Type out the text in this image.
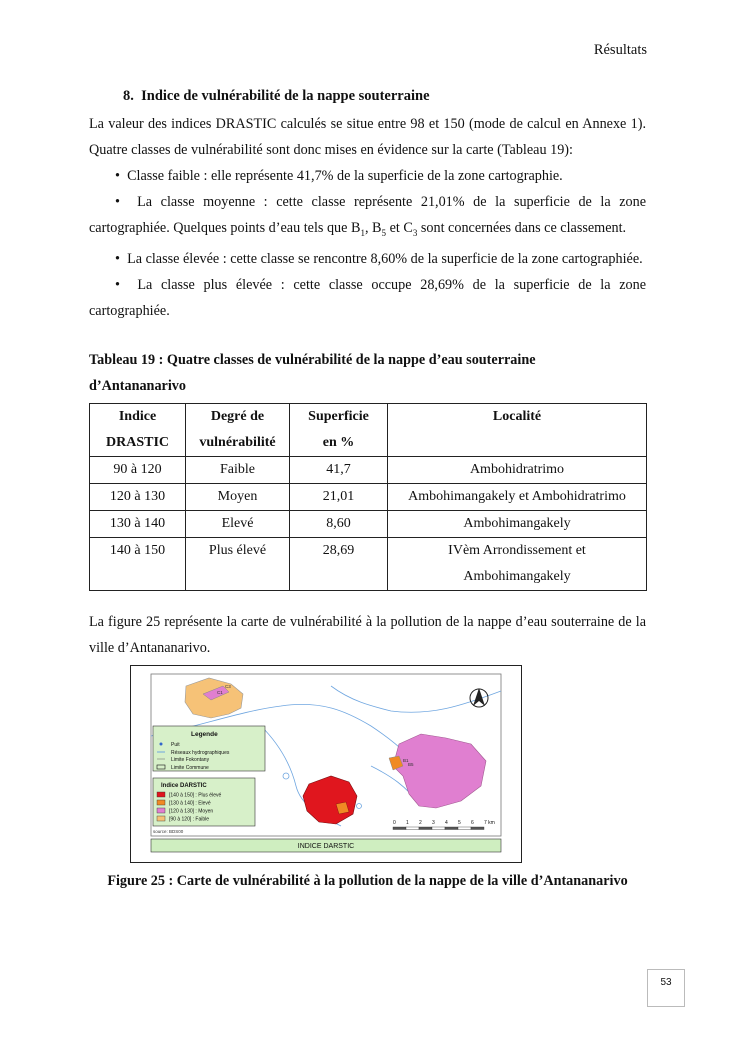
Résultats
8. Indice de vulnérabilité de la nappe souterraine
La valeur des indices DRASTIC calculés se situe entre 98 et 150 (mode de calcul en Annexe 1). Quatre classes de vulnérabilité sont donc mises en évidence sur la carte (Tableau 19):
•  Classe faible : elle représente 41,7% de la superficie de la zone cartographie.
•  La classe moyenne : cette classe représente 21,01% de la superficie de la zone cartographiée. Quelques points d’eau tels que $B_1$, $B_5$ et $C_3$ sont concernées dans ce classement.
•  La classe élevée : cette classe se rencontre 8,60% de la superficie de la zone cartographiée.
•  La classe plus élevée : cette classe occupe 28,69% de la superficie de la zone cartographiée.
Tableau 19 : Quatre classes de vulnérabilité de la nappe d’eau souterraine d’Antananarivo
Indice
DRASTIC	Degré de
vulnérabilité	Superficie
en %	Localité
90 à 120	Faible	41,7	Ambohidratrimo
120 à 130	Moyen	21,01	Ambohimangakely et Ambohidratrimo
130 à 140	Elevé	8,60	Ambohimangakely
140 à 150	Plus élevé	28,69	IVèm Arrondissement et
Ambohimangakely
La figure 25 représente la carte de vulnérabilité à la pollution de la nappe d’eau souterraine de la ville d’Antananarivo.
C3
C1
B1
B5
Legende
Puit
Réseaux hydrographiques
Limite Fokontany
Limite Commune
Indice DARSTIC
[140 à 150] : Plus élevé
[130 à 140] : Elevé
[120 à 130] : Moyen
[90 à 120] : Faible
source: BDS00
0 1 2 3 4 5 6 7 km
INDICE DARSTIC
Figure 25 : Carte de vulnérabilité à la pollution de la nappe de la ville d’Antananarivo
53
